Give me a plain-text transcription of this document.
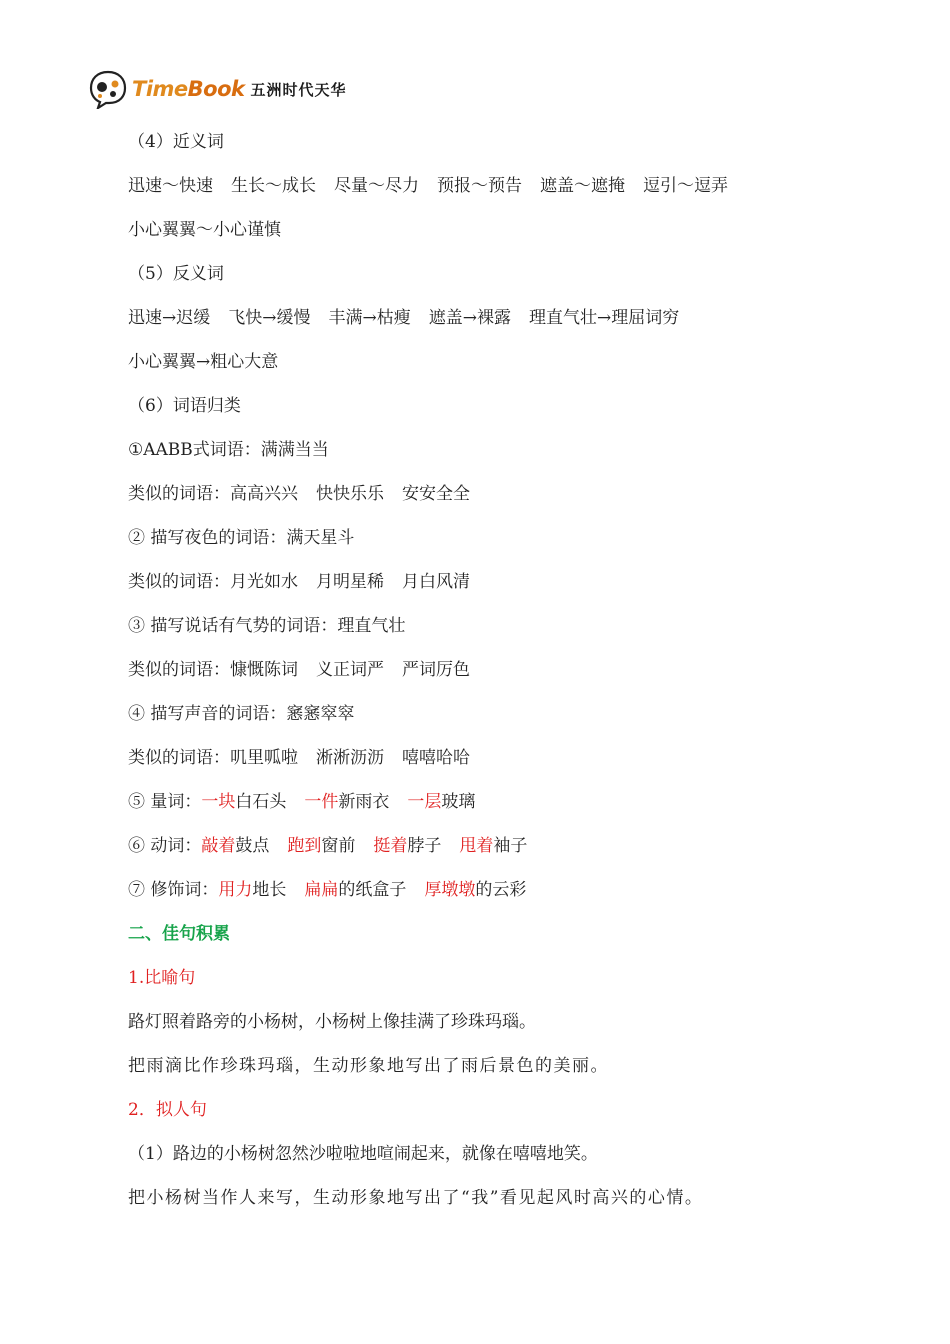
TimeBook 五洲时代天华
（4）近义词
迅速～快速 生长～成长 尽量～尽力 预报～预告 遮盖～遮掩 逗引～逗弄
小心翼翼～小心谨慎
（5）反义词
迅速→迟缓 飞快→缓慢 丰满→枯瘦 遮盖→裸露 理直气壮→理屈词穷
小心翼翼→粗心大意
（6）词语归类
①AABB式词语：满满当当
类似的词语：高高兴兴 快快乐乐 安安全全
② 描写夜色的词语：满天星斗
类似的词语：月光如水 月明星稀 月白风清
③ 描写说话有气势的词语：理直气壮
类似的词语：慷慨陈词 义正词严 严词厉色
④ 描写声音的词语：窸窸窣窣
类似的词语：叽里呱啦 淅淅沥沥 嘻嘻哈哈
⑤ 量词：一块白石头 一件新雨衣 一层玻璃
⑥ 动词：敲着鼓点 跑到窗前 挺着脖子 甩着袖子
⑦ 修饰词：用力地长 扁扁的纸盒子 厚墩墩的云彩
二、佳句积累
1.比喻句
路灯照着路旁的小杨树，小杨树上像挂满了珍珠玛瑙。
把雨滴比作珍珠玛瑙，生动形象地写出了雨后景色的美丽。
2．拟人句
（1）路边的小杨树忽然沙啦啦地喧闹起来，就像在嘻嘻地笑。
把小杨树当作人来写，生动形象地写出了“我”看见起风时高兴的心情。
